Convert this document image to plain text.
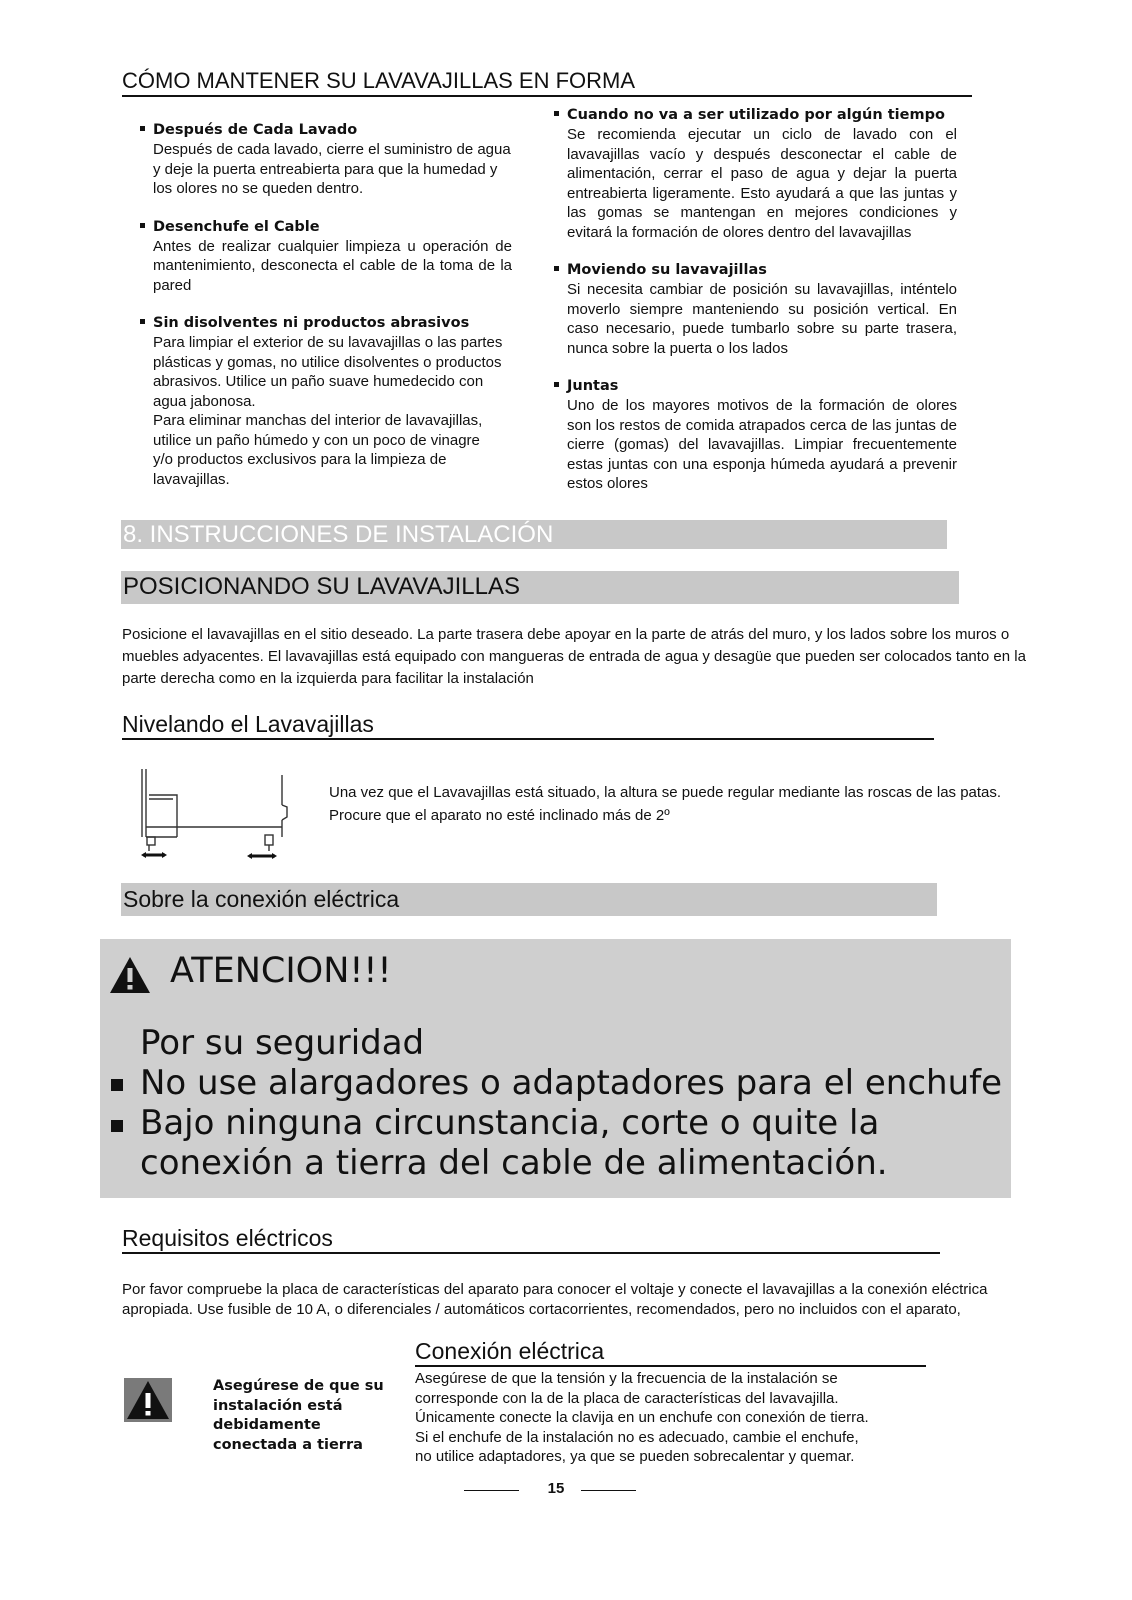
CÓMO MANTENER SU LAVAVAJILLAS EN FORMA
Después de Cada Lavado
Después de cada lavado, cierre el suministro de agua y deje la puerta entreabierta para que la humedad y los olores no se queden dentro.
Desenchufe el Cable
Antes de realizar cualquier limpieza u operación de mantenimiento, desconecta el cable de la toma de la pared
Sin disolventes ni productos abrasivos
Para limpiar el exterior de su lavavajillas o las partes plásticas y gomas, no utilice disolventes o productos abrasivos. Utilice un paño suave humedecido con agua jabonosa.
Para eliminar manchas del interior de lavavajillas, utilice un paño húmedo y con un poco de vinagre y/o productos exclusivos para la limpieza de lavavajillas.
Cuando no va a ser utilizado por algún tiempo
Se recomienda ejecutar un ciclo de lavado con el lavavajillas vacío y después desconectar el cable de alimentación, cerrar el paso de agua y dejar la puerta entreabierta ligeramente. Esto ayudará a que las juntas y las gomas se mantengan en mejores condiciones y evitará la formación de olores dentro del lavavajillas
Moviendo su lavavajillas
Si necesita cambiar de posición su lavavajillas, inténtelo moverlo siempre manteniendo su posición vertical. En caso necesario, puede tumbarlo sobre su parte trasera, nunca sobre la puerta o los lados
Juntas
Uno de los mayores motivos de la formación de olores son los restos de comida atrapados cerca de las juntas de cierre (gomas) del lavavajillas. Limpiar frecuentemente estas juntas con una esponja húmeda ayudará a prevenir estos olores
8. INSTRUCCIONES DE INSTALACIÓN
POSICIONANDO SU LAVAVAJILLAS
Posicione el lavavajillas en el sitio deseado. La parte trasera debe apoyar en la parte de atrás del muro, y los lados sobre los muros o muebles adyacentes. El lavavajillas está equipado con mangueras de entrada de agua y desagüe que pueden ser colocados tanto en la parte derecha como en la izquierda para facilitar la instalación
Nivelando el Lavavajillas
Una vez que el Lavavajillas está situado, la altura se puede regular mediante las roscas de las patas. Procure que el aparato no esté inclinado más de 2º
Sobre la conexión eléctrica
ATENCION!!!
Por su seguridad
No use alargadores o adaptadores para el enchufe
Bajo ninguna circunstancia, corte o quite la
conexión a tierra del cable de alimentación.
Requisitos eléctricos
Por favor compruebe la placa de características del aparato para conocer el voltaje y conecte el lavavajillas a la conexión eléctrica apropiada. Use fusible de 10 A, o diferenciales / automáticos cortacorrientes, recomendados, pero no incluidos con el aparato,
Asegúrese de que su
instalación está
debidamente
conectada a tierra
Conexión eléctrica
Asegúrese de que la tensión y la frecuencia de la instalación se
corresponde con la de la placa de características del lavavajilla.
Únicamente conecte la clavija en un enchufe con conexión de tierra.
Si el enchufe de la instalación no es adecuado, cambie el enchufe,
no utilice adaptadores, ya que se pueden sobrecalentar y quemar.
15
